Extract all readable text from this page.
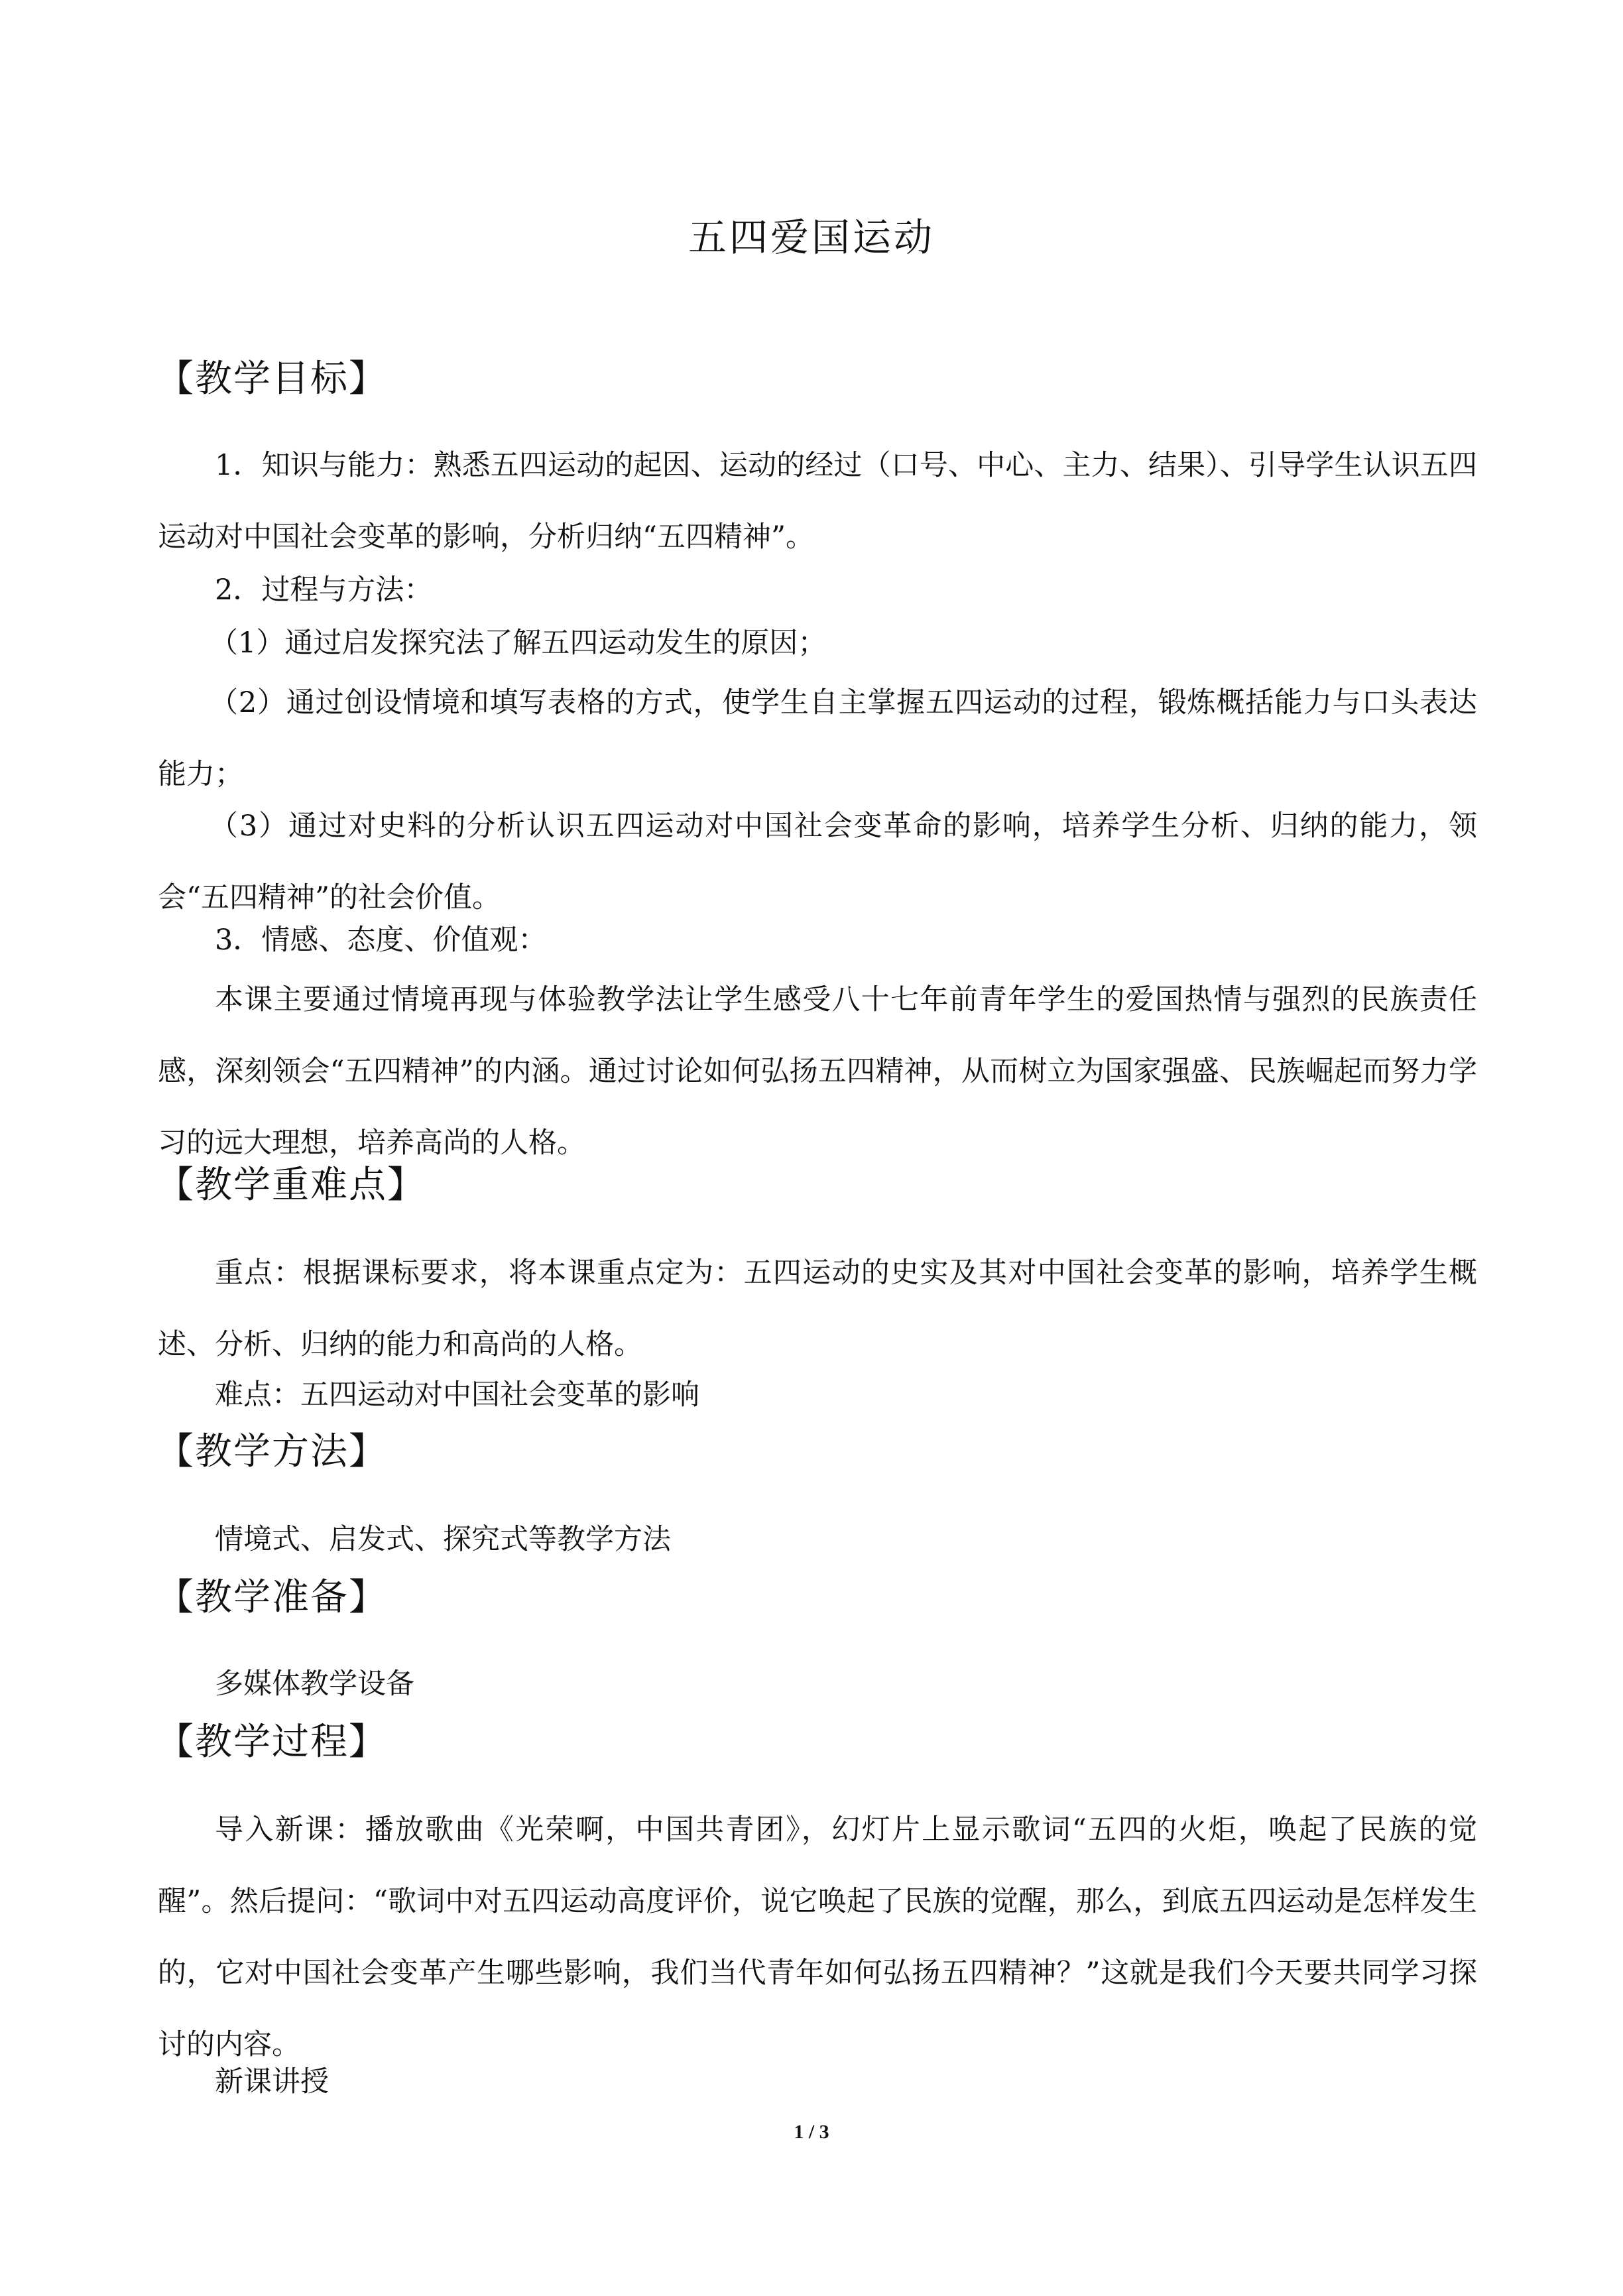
五四爱国运动
【教学目标】

1．知识与能力：熟悉五四运动的起因、运动的经过（口号、中心、主力、结果）、引导学生认识五四运动对中国社会变革的影响，分析归纳“五四精神”。

2．过程与方法：

（1）通过启发探究法了解五四运动发生的原因；

（2）通过创设情境和填写表格的方式，使学生自主掌握五四运动的过程，锻炼概括能力与口头表达能力；

（3）通过对史料的分析认识五四运动对中国社会变革命的影响，培养学生分析、归纳的能力，领会“五四精神”的社会价值。

3．情感、态度、价值观：

本课主要通过情境再现与体验教学法让学生感受八十七年前青年学生的爱国热情与强烈的民族责任感，深刻领会“五四精神”的内涵。通过讨论如何弘扬五四精神，从而树立为国家强盛、民族崛起而努力学习的远大理想，培养高尚的人格。

【教学重难点】

重点：根据课标要求，将本课重点定为：五四运动的史实及其对中国社会变革的影响，培养学生概述、分析、归纳的能力和高尚的人格。

难点：五四运动对中国社会变革的影响

【教学方法】

情境式、启发式、探究式等教学方法

【教学准备】

多媒体教学设备

【教学过程】

导入新课：播放歌曲《光荣啊，中国共青团》，幻灯片上显示歌词“五四的火炬，唤起了民族的觉醒”。然后提问：“歌词中对五四运动高度评价，说它唤起了民族的觉醒，那么，到底五四运动是怎样发生的，它对中国社会变革产生哪些影响，我们当代青年如何弘扬五四精神？”这就是我们今天要共同学习探讨的内容。

新课讲授

1 / 3
